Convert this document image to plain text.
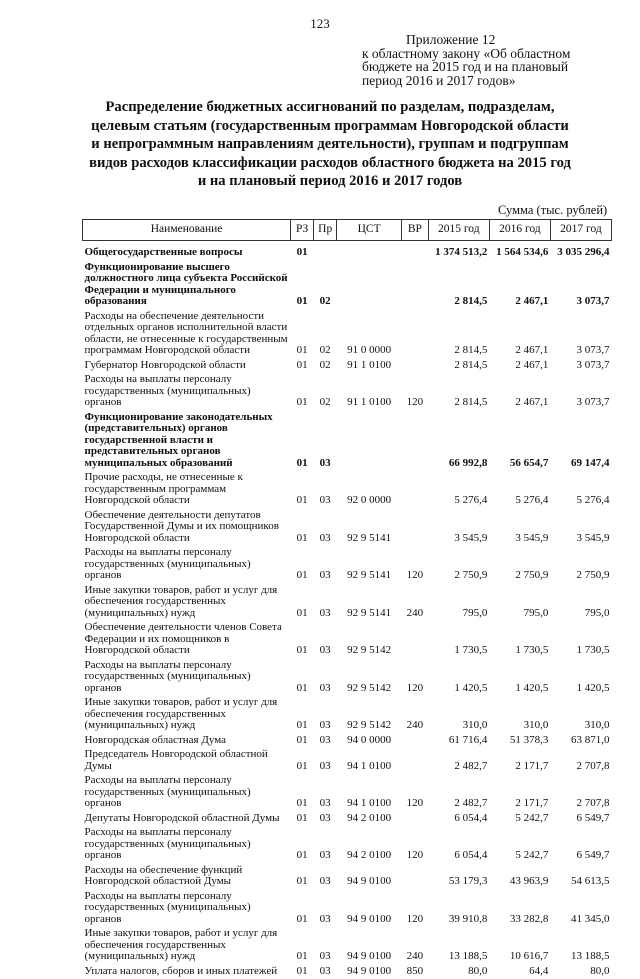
123
Приложение 12
к областному закону «Об областном
бюджете на 2015 год и на плановый
период 2016 и 2017 годов»
Распределение бюджетных ассигнований по разделам, подразделам,
целевым статьям (государственным программам Новгородской области
и непрограммным направлениям деятельности), группам и подгруппам
видов расходов классификации расходов областного бюджета на 2015 год
и на плановый период 2016 и 2017 годов
Сумма (тыс. рублей)
Наименование	РЗ	Пр	ЦСТ	ВР	2015 год	2016 год	2017 год
Общегосударственные вопросы	01				1 374 513,2	1 564 534,6	3 035 296,4
Функционирование высшего должностного лица субъекта Российской Федерации и муниципального образования	01	02			2 814,5	2 467,1	3 073,7
Расходы на обеспечение деятельности отдельных органов исполнительной власти области, не отнесенные к государственным программам Новгородской области	01	02	91 0 0000		2 814,5	2 467,1	3 073,7
Губернатор Новгородской области	01	02	91 1 0100		2 814,5	2 467,1	3 073,7
Расходы на выплаты персоналу государственных (муниципальных) органов	01	02	91 1 0100	120	2 814,5	2 467,1	3 073,7
Функционирование законодательных (представительных) органов государственной власти и представительных органов муниципальных образований	01	03			66 992,8	56 654,7	69 147,4
Прочие расходы, не отнесенные к государственным программам Новгородской области	01	03	92 0 0000		5 276,4	5 276,4	5 276,4
Обеспечение деятельности депутатов Государственной Думы и их помощников Новгородской области	01	03	92 9 5141		3 545,9	3 545,9	3 545,9
Расходы на выплаты персоналу государственных (муниципальных) органов	01	03	92 9 5141	120	2 750,9	2 750,9	2 750,9
Иные закупки товаров, работ и услуг для обеспечения государственных (муниципальных) нужд	01	03	92 9 5141	240	795,0	795,0	795,0
Обеспечение деятельности членов Совета Федерации и их помощников в Новгородской области	01	03	92 9 5142		1 730,5	1 730,5	1 730,5
Расходы на выплаты персоналу государственных (муниципальных) органов	01	03	92 9 5142	120	1 420,5	1 420,5	1 420,5
Иные закупки товаров, работ и услуг для обеспечения государственных (муниципальных) нужд	01	03	92 9 5142	240	310,0	310,0	310,0
Новгородская областная Дума	01	03	94 0 0000		61 716,4	51 378,3	63 871,0
Председатель Новгородской областной Думы	01	03	94 1 0100		2 482,7	2 171,7	2 707,8
Расходы на выплаты персоналу государственных (муниципальных) органов	01	03	94 1 0100	120	2 482,7	2 171,7	2 707,8
Депутаты Новгородской областной Думы	01	03	94 2 0100		6 054,4	5 242,7	6 549,7
Расходы на выплаты персоналу государственных (муниципальных) органов	01	03	94 2 0100	120	6 054,4	5 242,7	6 549,7
Расходы на обеспечение функций Новгородской областной Думы	01	03	94 9 0100		53 179,3	43 963,9	54 613,5
Расходы на выплаты персоналу государственных (муниципальных) органов	01	03	94 9 0100	120	39 910,8	33 282,8	41 345,0
Иные закупки товаров, работ и услуг для обеспечения государственных (муниципальных) нужд	01	03	94 9 0100	240	13 188,5	10 616,7	13 188,5
Уплата налогов, сборов и иных платежей	01	03	94 9 0100	850	80,0	64,4	80,0
